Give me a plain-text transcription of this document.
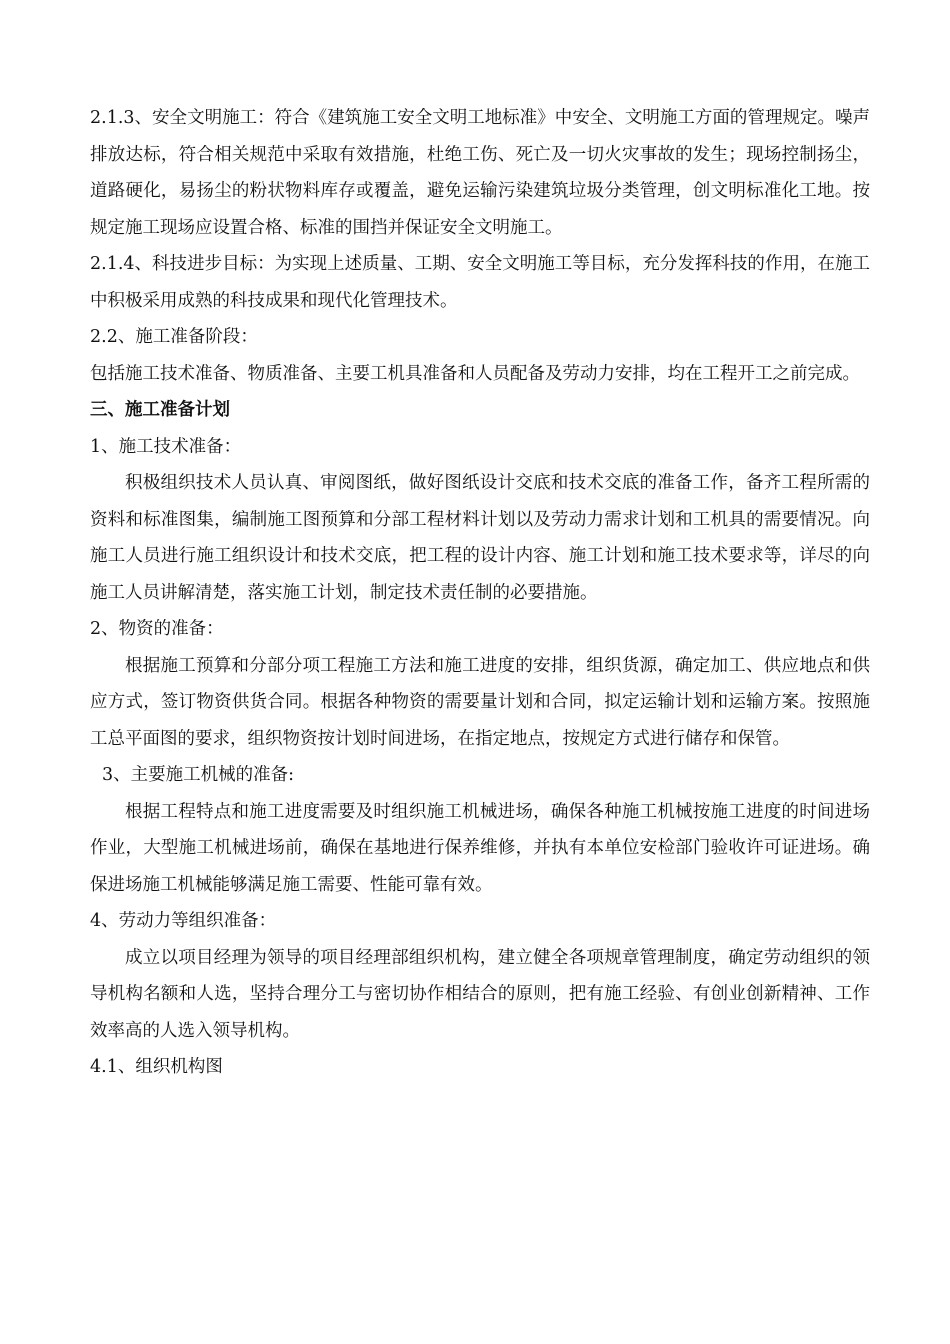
2.1.3、安全文明施工：符合《建筑施工安全文明工地标准》中安全、文明施工方面的管理规定。噪声排放达标，符合相关规范中采取有效措施，杜绝工伤、死亡及一切火灾事故的发生；现场控制扬尘，道路硬化，易扬尘的粉状物料库存或覆盖，避免运输污染建筑垃圾分类管理，创文明标准化工地。按规定施工现场应设置合格、标准的围挡并保证安全文明施工。

2.1.4、科技进步目标：为实现上述质量、工期、安全文明施工等目标，充分发挥科技的作用，在施工中积极采用成熟的科技成果和现代化管理技术。

2.2、施工准备阶段：

包括施工技术准备、物质准备、主要工机具准备和人员配备及劳动力安排，均在工程开工之前完成。

三、施工准备计划

1、施工技术准备：

积极组织技术人员认真、审阅图纸，做好图纸设计交底和技术交底的准备工作，备齐工程所需的资料和标准图集，编制施工图预算和分部工程材料计划以及劳动力需求计划和工机具的需要情况。向施工人员进行施工组织设计和技术交底，把工程的设计内容、施工计划和施工技术要求等，详尽的向施工人员讲解清楚，落实施工计划，制定技术责任制的必要措施。

2、物资的准备：

根据施工预算和分部分项工程施工方法和施工进度的安排，组织货源，确定加工、供应地点和供应方式，签订物资供货合同。根据各种物资的需要量计划和合同，拟定运输计划和运输方案。按照施工总平面图的要求，组织物资按计划时间进场，在指定地点，按规定方式进行储存和保管。

3、主要施工机械的准备:

根据工程特点和施工进度需要及时组织施工机械进场，确保各种施工机械按施工进度的时间进场作业，大型施工机械进场前，确保在基地进行保养维修，并执有本单位安检部门验收许可证进场。确保进场施工机械能够满足施工需要、性能可靠有效。

4、劳动力等组织准备：

成立以项目经理为领导的项目经理部组织机构，建立健全各项规章管理制度，确定劳动组织的领导机构名额和人选，坚持合理分工与密切协作相结合的原则，把有施工经验、有创业创新精神、工作效率高的人选入领导机构。

4.1、组织机构图
